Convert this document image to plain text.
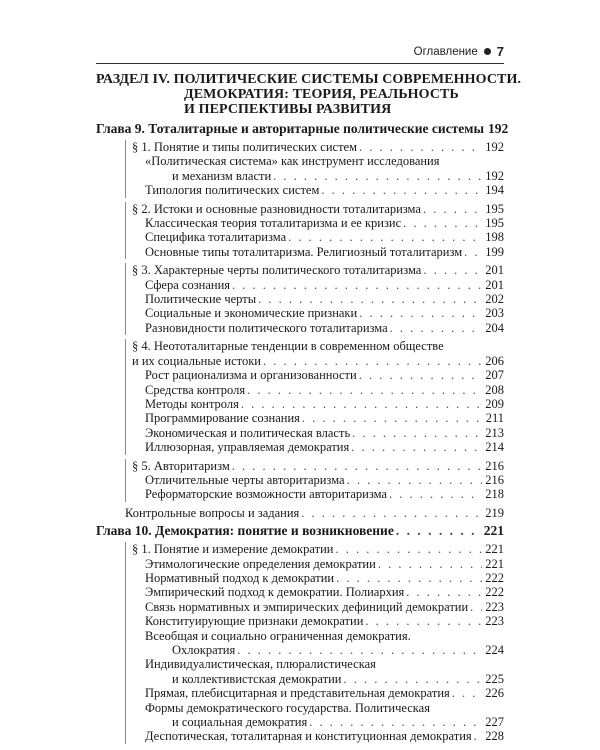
Оглавление 7
РАЗДЕЛ IV. ПОЛИТИЧЕСКИЕ СИСТЕМЫ СОВРЕМЕННОСТИ.
ДЕМОКРАТИЯ: ТЕОРИЯ, РЕАЛЬНОСТЬ
И ПЕРСПЕКТИВЫ РАЗВИТИЯ
Глава 9. Тоталитарные и авторитарные политические системы 192
§ 1. Понятие и типы политических систем . . .	192
«Политическая система» как инструмент исследования
и механизм власти . . .	192
Типология политических систем . . .	194
§ 2. Истоки и основные разновидности тоталитаризма . . .	195
Классическая теория тоталитаризма и ее кризис . . .	195
Специфика тоталитаризма . . .	198
Основные типы тоталитаризма. Религиозный тоталитаризм . . . 199
§ 3. Характерные черты политического тоталитаризма . . .	201
Сфера сознания . . .	201
Политические черты . . .	202
Социальные и экономические признаки . . .	203
Разновидности политического тоталитаризма . . .	204
§ 4. Неототалитарные тенденции в современном обществе
и их социальные истоки . . .	206
Рост рационализма и организованности . . .	207
Средства контроля . . .	208
Методы контроля . . .	209
Программирование сознания . . .	211
Экономическая и политическая власть . . .	213
Иллюзорная, управляемая демократия . . .	214
§ 5. Авторитаризм . . .	216
Отличительные черты авторитаризма . . .	216
Реформаторские возможности авторитаризма . . .	218
Контрольные вопросы и задания . . .	219
Глава 10. Демократия: понятие и возникновение . . .	221
§ 1. Понятие и измерение демократии . . .	221
Этимологические определения демократии . . .	221
Нормативный подход к демократии . . .	222
Эмпирический подход к демократии. Полиархия . . .	222
Связь нормативных и эмпирических дефиниций демократии . . . 223
Конституирующие признаки демократии . . .	223
Всеобщая и социально ограниченная демократия.
Охлократия . . .	224
Индивидуалистическая, плюралистическая
и коллективистская демократии . . .	225
Прямая, плебисцитарная и представительная демократия . . .	226
Формы демократического государства. Политическая
и социальная демократия . . .	227
Деспотическая, тоталитарная и конституционная демократия . . . 228
